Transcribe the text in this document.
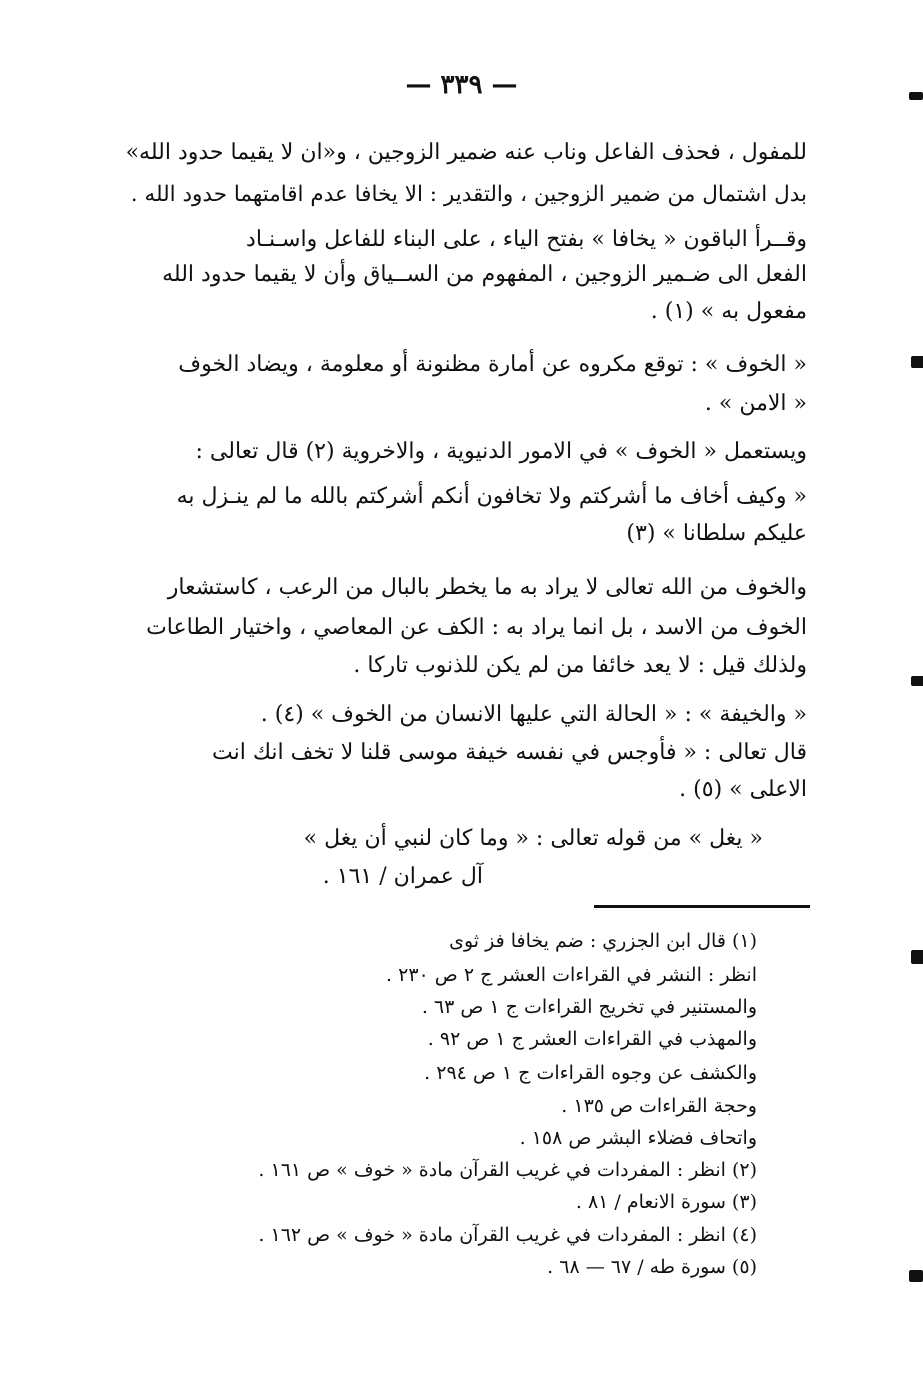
— ٣٣٩ —
للمفول ، فحذف الفاعل وناب عنه ضمير الزوجين ، و«ان لا يقيما حدود الله»
بدل اشتمال من ضمير الزوجين ، والتقدير : الا يخافا عدم اقامتهما حدود الله .
وقــرأ الباقون « يخافا » بفتح الياء ، على البناء للفاعل واسـنـاد
الفعل الى ضـمير الزوجين ، المفهوم من الســياق وأن لا يقيما حدود الله
مفعول به » (١) .
« الخوف » : توقع مكروه عن أمارة مظنونة أو معلومة ، ويضاد الخوف
« الامن » .
ويستعمل « الخوف » في الامور الدنيوية ، والاخروية (٢) قال تعالى :
« وكيف أخاف ما أشركتم ولا تخافون أنكم أشركتم بالله ما لم ينـزل به
عليكم سلطانا » (٣)
والخوف من الله تعالى لا يراد به ما يخطر بالبال من الرعب ، كاستشعار
الخوف من الاسد ، بل انما يراد به : الكف عن المعاصي ، واختيار الطاعات
ولذلك قيل : لا يعد خائفا من لم يكن للذنوب تاركا .
« والخيفة » : « الحالة التي عليها الانسان من الخوف » (٤) .
قال تعالى : « فأوجس في نفسه خيفة موسى قلنا لا تخف انك انت
الاعلى » (٥) .
« يغل » من قوله تعالى : « وما كان لنبي أن يغل »
آل عمران / ١٦١ .
(١) قال ابن الجزري : ضم يخافا فز ثوى
انظر : النشر في القراءات العشر ج ٢ ص ٢٣٠ .
والمستنير في تخريج القراءات ج ١ ص ٦٣ .
والمهذب في القراءات العشر ج ١ ص ٩٢ .
والكشف عن وجوه القراءات ج ١ ص ٢٩٤ .
وحجة القراءات ص ١٣٥ .
واتحاف فضلاء البشر ص ١٥٨ .
(٢) انظر : المفردات في غريب القرآن مادة « خوف » ص ١٦١ .
(٣) سورة الانعام / ٨١ .
(٤) انظر : المفردات في غريب القرآن مادة « خوف » ص ١٦٢ .
(٥) سورة طه / ٦٧ — ٦٨ .
